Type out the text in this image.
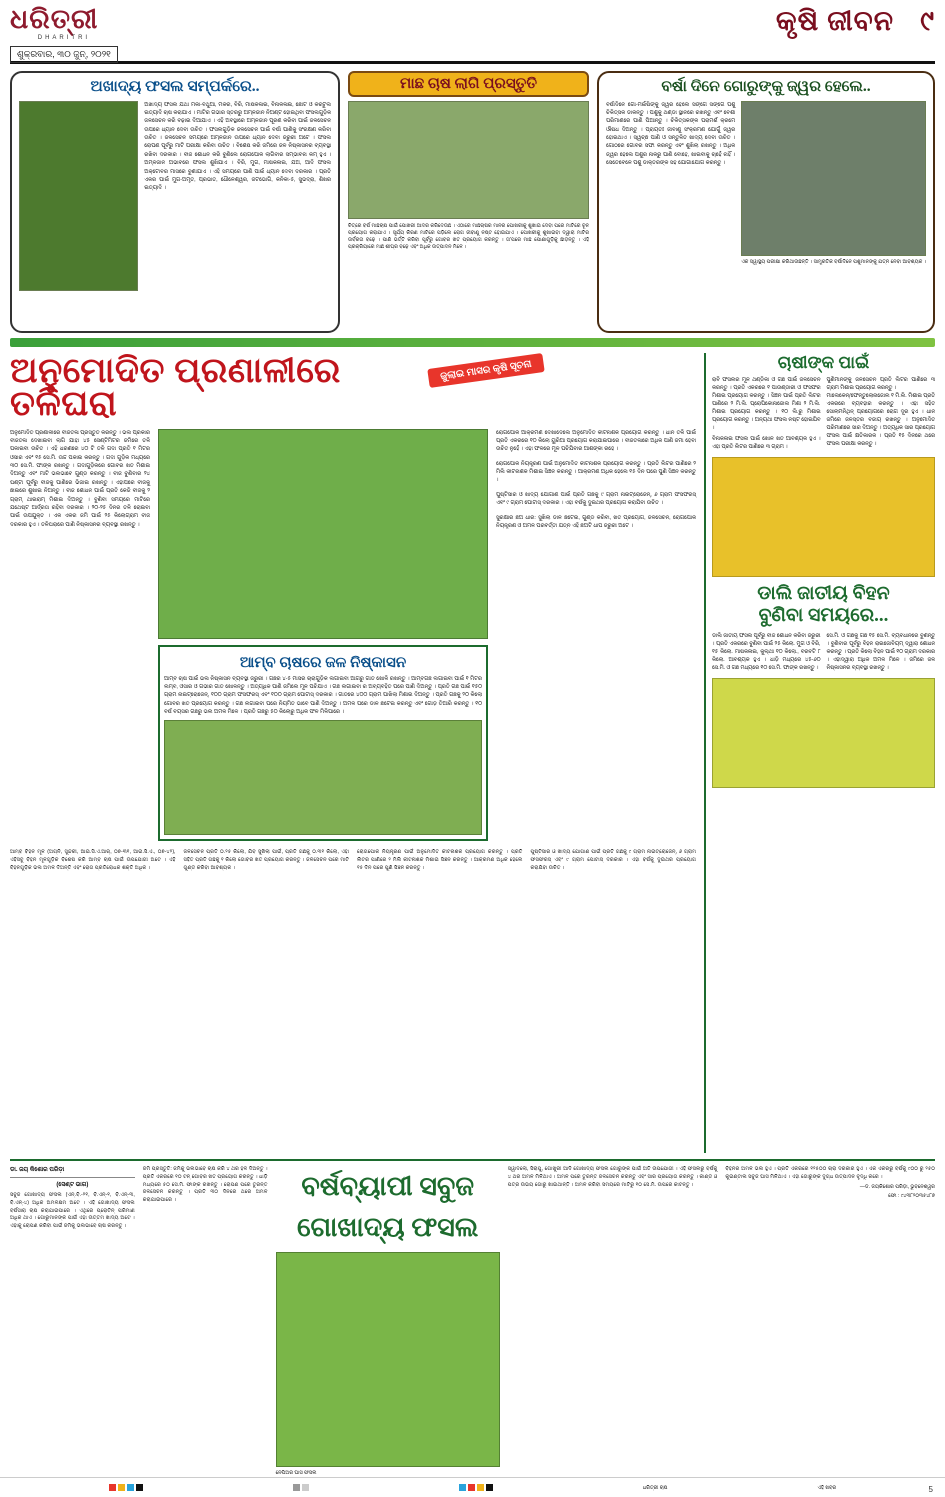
ଧରିତ୍ରୀ
DHARITRI
ଶୁକ୍ରବାର, ୩୦ ଜୁନ୍, ୨୦୨୧
କୃଷି ଜୀବନ ୯
ଅଖାଦ୍ୟ ଫସଲ ସମ୍ପର୍କରେ..
ଅଖାଦ୍ୟ ଫସଲ ଯଥା ମକା-ବଥୁଆ, ମକର, ବିରି, ମାଷକଳାଇ, ବିନାକଳାଇ, ଛୋଟ ଓ କରଟୁଲ ଇତ୍ୟାଦି ଚାଷ କରାଯାଏ । ମାଟିର ଗଭୀର ସ୍ତରରୁ ଅମ୍ଳଜାନ ନିଅଣ୍ଟ ହୋଇଥିବା ଫସଲଗୁଡ଼ିକ ଜଳସେଚନ କରି ବଢ଼ାଇ ଦିଆଯାଏ । ଏହି ଅବସ୍ଥାରେ ଅମ୍ଳଜାନ ପୂରଣ କରିବା ପାଇଁ ଜଳସେଚନ ଉପରେ ଧ୍ୟାନ ଦେବା ଉଚିତ । ଫସଲଗୁଡ଼ିକ ଜଳସେଚନ ପାଇଁ ବର୍ଷା ପାଣିକୁ ସଂରକ୍ଷଣ କରିବା ଉଚିତ । ଜଳସେଚନ ସମୟରେ ଅମ୍ଳଜାନ ଉପରେ ଧ୍ୟାନ ଦେବା ଜରୁରୀ ଅଟେ । ଫସଲ ରୋପଣ ପୂର୍ବରୁ ମାଟି ପରୀକ୍ଷା କରିବା ଉଚିତ । ବିଶେଷ କରି ଜମିରେ ଜଳ ନିଷ୍କାସନର ବ୍ୟବସ୍ଥା ରଖିବା ଦରକାର । ବୀଜ ଶୋଧନ କରି ବୁଣିଲେ ରୋଗପୋକ ଲାଗିବାର ସମ୍ଭାବନା କମ୍ ହୁଏ । ଅମ୍ଳଜାନ ଅଭାବରେ ଫସଲ ଶୁଖିଯାଏ । ବିରି, ମୁଗ, ମାଷକଳାଇ, ଯଅ, ଆଦି ଫସଲ ଅକ୍ଟୋବର ମାସରେ ବୁଣାଯାଏ । ଏହି ସମୟରେ ପାଣି ପାଇଁ ଧ୍ୟାନ ଦେବା ଦରକାର । ପ୍ରତି ଏକର ପାଇଁ ମୁଗ-ଅମୃତ, ପ୍ରଭାତ, ଧୌଳେଶ୍ୱର, ଜଟଭୋଗି, କନିକା-୫, ସୁଭଦ୍ରା, ଶିଖର ଇତ୍ୟାଦି ।
ମାଛ ଚାଷ ଲାଗି ପ୍ରସ୍ତୁତି
ଚିତ୍ରେ ବର୍ଷ ମାଛଚାଷ ପାଇଁ ପୋଖରୀ ଆଦର କରିଦେଉଛ । ଏଠାରେ ମାଛଚାଷର ମାନର ପୋଖରୀକୁ ଶୁଖାଇ ଦେବା ପରେ ମାଟିରେ ଚୂନ ପ୍ରୟୋଗ କରାଯାଏ । ସୂର୍ଯ୍ୟ କିରଣ ମାଟିରେ ପଡ଼ିଲେ ରୋଗ ଜୀବାଣୁ ନଷ୍ଟ ହୋଇଯାଏ । ପୋଖରୀକୁ ଶୁଖାଇବା ଦ୍ୱାରା ମାଟିର ଉର୍ବରତା ବଢ଼େ । ପାଣି ଭର୍ତ୍ତି କରିବା ପୂର୍ବରୁ ଗୋବର ଖତ ପ୍ରୟୋଗ କରନ୍ତୁ । ତା'ପରେ ମାଛ ପୋଣାଗୁଡ଼ିକୁ ଛାଡ଼ନ୍ତୁ । ଏହି ପ୍ରକ୍ରିୟାରେ ମାଛ ଶୀଘ୍ର ବଢ଼େ ଏବଂ ଅଧିକ ଉତ୍ପାଦନ ମିଳେ ।
ବର୍ଷା ଦିନେ ଗୋରୁଙ୍କୁ ଜ୍ୱର ହେଲେ..
ବର୍ଷାଦିନେ ଗୋ-ମଇଁଷିଙ୍କୁ ଜ୍ୱର ହେଲେ ସଙ୍ଗେ ସଙ୍ଗେ ପଶୁ ଚିକିତ୍ସକ ଡାକନ୍ତୁ । ପଶୁକୁ ଥଣ୍ଡା ସ୍ଥାନରେ ରଖନ୍ତୁ ଏବଂ ବେଶୀ ପରିମାଣରେ ପାଣି ପିଆନ୍ତୁ । ଚିକିତ୍ସକଙ୍କ ପରାମର୍ଶ କ୍ରମେ ଔଷଧ ଦିଅନ୍ତୁ । ପ୍ରାୟତଃ ଜୀବାଣୁ ସଂକ୍ରମଣ ଯୋଗୁଁ ଜ୍ୱର ହୋଇଥାଏ । ସ୍ୱଚ୍ଛ ପାଣି ଓ ସନ୍ତୁଳିତ ଖାଦ୍ୟ ଦେବା ଉଚିତ । ଗୋଠରେ ଗୋବର ସଫା କରନ୍ତୁ ଏବଂ ଶୁଖିଲା ରଖନ୍ତୁ । ଅଧିକ ଜ୍ୱର ହେଲେ ପଶୁର ନାକରୁ ପାଣି ବୋହେ, ଖାଇବାକୁ ଚାହେଁ ନାହିଁ । ସେତେବେଳେ ପଶୁ ଡାକ୍ତରଙ୍କ ସହ ଯୋଗାଯୋଗ କରନ୍ତୁ ।
ଏକ ସ୍ୱାସ୍ଥ୍ୟ ପରୀକ୍ଷା କରିଥାଉଛନ୍ତି । ସାମ୍ପ୍ରତିକ ବର୍ଷାଦିନେ ପଶୁମାନଙ୍କୁ ଯତ୍ନ ନେବା ଆବଶ୍ୟକ ।
ଜୁଲାଇ ମାସର କୃଷି ସୂଚନା
ଅନୁମୋଦିତ ପ୍ରଣାଳୀରେ
ତଳିଘରା
ଅନୁମୋଦିତ ପ୍ରଣାଳୀରେ ବୀଜତଳା ପ୍ରସ୍ତୁତ କରନ୍ତୁ । ଭଲ ପ୍ରକାର ବୀଜତଳା ଦେଖାଇବା ଲାଗି ଯାହା ୪୫ ସେଣ୍ଟିମିଟର ଜମିରେ ତଳି ପକାଇବା ଉଚିତ । ଏହି ଧରଣରେ ୪୦ ଟି ତଳି ଗଦା ପ୍ରତି ୧ ମିଟର ଓସାର ଏବଂ ୧୫ ସେ.ମି. ଉଚ୍ଚ ପକାଇ କରନ୍ତୁ । ଗଦା ଗୁଡ଼ିକ ମଧ୍ୟରେ ୩୦ ସେ.ମି. ଫାଙ୍କ ରଖନ୍ତୁ । ଗଦାଗୁଡ଼ିକରେ ଗୋବର ଖତ ମିଶାଇ ଦିଅନ୍ତୁ ଏବଂ ମାଟି ଭଲଭାବେ ଗୁଣ୍ଡ କରନ୍ତୁ । ବୀଜ ବୁଣିବାର ୨୪ ଘଣ୍ଟା ପୂର୍ବରୁ ବୀଜକୁ ପାଣିରେ ଭିଜାଇ ରଖନ୍ତୁ । ଏହାପରେ ବୀଜକୁ ଛାଇରେ ଶୁଖାଇ ନିଅନ୍ତୁ । ବୀଜ ଶୋଧନ ପାଇଁ ପ୍ରତି କେଜି ବୀଜକୁ ୨ ଗ୍ରାମ୍ ଥାଇରାମ୍ ମିଶାଇ ଦିଅନ୍ତୁ । ବୁଣିବା ସମୟରେ ମାଟିରେ ଯଥେଷ୍ଟ ଆର୍ଦ୍ରତା ରହିବା ଦରକାର । ୨୦-୨୫ ଦିନର ତଳି ରୋଇବା ପାଇଁ ଉପଯୁକ୍ତ । ଏକ ଏକର ଜମି ପାଇଁ ୨୫ କିଲୋଗ୍ରାମ ବୀଜ ଦରକାର ହୁଏ । ତଳିଘରାରେ ପାଣି ନିଷ୍କାସନର ବ୍ୟବସ୍ଥା ରଖନ୍ତୁ ।
ଆମ୍ବ ଚାଷରେ ଜଳ ନିଷ୍କାସନ
ଆମ୍ବ ଚାଷ ପାଇଁ ଭଲ ନିଷ୍କାସନ ବ୍ୟବସ୍ଥା ଜରୁରୀ । ଗଛର ୪-୫ ମାସର ଚାରାଗୁଡ଼ିକ ଲଗାଇବା ଆଗରୁ ଗାତ ଖୋଳି ରଖନ୍ତୁ । ଆମ୍ବଗଛ ଲଗାଇବା ପାଇଁ ୧ ମିଟର ଲମ୍ବ, ଓସାର ଓ ଗଭୀର ଗାତ ଖୋଳନ୍ତୁ । ଅତ୍ୟଧିକ ପାଣି ଜମିଲେ ମୂଳ ପଚିଯାଏ । ଗଛ ଲଗାଇବା ର ଅବ୍ୟବହିତ ପରେ ପାଣି ଦିଅନ୍ତୁ । ପ୍ରତି ଗଛ ପାଇଁ ୧୫୦ ଗ୍ରାମ ନାଇଟ୍ରୋଜେନ୍, ୧୦୦ ଗ୍ରାମ ଫସଫରସ୍ ଏବଂ ୧୦୦ ଗ୍ରାମ ପୋଟାସ୍ ଦରକାର । ଗାତରେ ୪୦୦ ଗ୍ରାମ ପାଖିଲା ମିଶାଇ ଦିଅନ୍ତୁ । ପ୍ରତି ଗଛକୁ ୨୦ କିଲୋ ଗୋବର ଖତ ପ୍ରୟୋଗ କରନ୍ତୁ । ଗଛ ଲଗାଇବା ପରେ ନିୟମିତ ଭାବେ ପାଣି ଦିଅନ୍ତୁ । ଅମଳ ପରେ ଡାଳ ଛଟେଇ କରନ୍ତୁ ଏବଂ ଗୋଡ଼ ତିଆରି କରନ୍ତୁ । ୧୦ ବର୍ଷ ବୟସର ଗଛରୁ ଭଲ ଅମଳ ମିଳେ । ପ୍ରତି ଗଛରୁ ୫୦ କିଲୋରୁ ଅଧିକ ଫଳ ମିଳିପାରେ ।
ରୋଗପୋକ ଆକ୍ରମଣ ଦେଖାଦେଲେ ଅନୁମୋଦିତ କୀଟନାଶକ ପ୍ରୟୋଗ କରନ୍ତୁ । ଧାନ ତଳି ପାଇଁ ପ୍ରତି ଏକରରେ ୧୦ କିଲୋ ୟୁରିଆ ପ୍ରୟୋଗ କରାଯାଇପାରେ । ବୀଜତଳାରେ ଅଧିକ ପାଣି ଜମା ହେବା ଉଚିତ ନୁହେଁ । ଏହା ଫଳରେ ମୂଳ ପଚିଯିବାର ଆଶଙ୍କା ରହେ ।
ରୋଗପୋକ ନିୟନ୍ତ୍ରଣ ପାଇଁ ଅନୁମୋଦିତ କୀଟନାଶକ ପ୍ରୟୋଗ କରନ୍ତୁ । ପ୍ରତି ଲିଟର ପାଣିରେ ୨ ମିଲି କୀଟନାଶକ ମିଶାଇ ସିଞ୍ଚନ କରନ୍ତୁ । ଆକ୍ରମଣ ଅଧିକ ହେଲେ ୧୫ ଦିନ ପରେ ପୁଣି ସିଞ୍ଚନ କରନ୍ତୁ ।
ପୁଷ୍ଟିସାର ଓ ଖାଦ୍ୟ ଯୋଗାଣ ପାଇଁ ପ୍ରତି ଗଛକୁ ୯ ଗ୍ରାମ ନାଇଟ୍ରୋଜେନ୍, ୬ ଗ୍ରାମ ଫସଫରସ୍ ଏବଂ ୯ ଗ୍ରାମ ପୋଟାସ୍ ଦରକାର । ଏହା ବର୍ଷକୁ ଦୁଇଥର ପ୍ରୟୋଗ କରାଯିବା ଉଚିତ ।
ସୁରକ୍ଷାର ଛଅ ଧାର: ସୁଖିଲା ଡାଳ ଛଟେଇ, ଗୁଣ୍ଡ କରିବା, ଖତ ପ୍ରୟୋଗ, ଜଳସେଚନ, ରୋଗପୋକ ନିୟନ୍ତ୍ରଣ ଓ ଅମଳ ପରବର୍ତ୍ତୀ ଯତ୍ନ ଏହି ଛଅଟି ଧାପ ଜରୁରୀ ଅଟେ ।
ଆମ୍ବ ବିହନ ମୂଳ (ଅଗ୍ନି, ସୁନ୍ଦରୀ, ଆଇ.ସି.ଏ.ଆର୍, ୦୭-୩୧, ଆଇ.ସି.ଏ., ୦୭-୪୨), ଏହିସବୁ ବିହନ ମୂଳଗୁଡ଼ିକ ବିଶେଷ କରି ଆମ୍ବ ଚାଷ ପାଇଁ ଉପଯୋଗୀ ଅଟେ । ଏହି ବିହନଗୁଡ଼ିକ ଭଲ ଅମଳ ଦିଅନ୍ତି ଏବଂ ରୋଗ ପ୍ରତିରୋଧକ ଶକ୍ତି ଅଧିକ ।
ଜଳସେଚନ ପ୍ରତି ୦.୨୫ କିଲୋ, ଯିବ ସୁଖିଲା ପାଇଁ, ପ୍ରତି ଗଛକୁ ୦.୩୧ କିଲୋ, ଏହା ସହିତ ପ୍ରତି ଗଛକୁ ୧ କିଲୋ ଗୋବର ଖତ ପ୍ରୟୋଗ କରନ୍ତୁ । ଜଳସେଚନ ପରେ ମାଟି ଗୁଣ୍ଡ କରିବା ଆବଶ୍ୟକ ।
ରୋଗପୋକ ନିୟନ୍ତ୍ରଣ ପାଇଁ ଅନୁମୋଦିତ କୀଟନାଶକ ପ୍ରୟୋଗ କରନ୍ତୁ । ପ୍ରତି ଲିଟର ପାଣିରେ ୨ ମିଲି କୀଟନାଶକ ମିଶାଇ ସିଞ୍ଚନ କରନ୍ତୁ । ଆକ୍ରମଣ ଅଧିକ ହେଲେ ୧୫ ଦିନ ପରେ ପୁଣି ସିଞ୍ଚନ କରନ୍ତୁ ।
ପୁଷ୍ଟିସାର ଓ ଖାଦ୍ୟ ଯୋଗାଣ ପାଇଁ ପ୍ରତି ଗଛକୁ ୯ ଗ୍ରାମ ନାଇଟ୍ରୋଜେନ୍, ୬ ଗ୍ରାମ ଫସଫରସ୍ ଏବଂ ୯ ଗ୍ରାମ ପୋଟାସ୍ ଦରକାର । ଏହା ବର୍ଷକୁ ଦୁଇଥର ପ୍ରୟୋଗ କରାଯିବା ଉଚିତ ।
ଚାଷୀଙ୍କ ପାଇଁ
ରାବି ଫସଲର ମୂଳ ଥଣ୍ଡିକା ଓ ଗଛ ପାଇଁ ଜଳସେଚନ କରନ୍ତୁ । ପ୍ରତି ଏକରରେ ୧ ପାଉଣ୍ଡାରୀ ଓ ଫସଫର ମିଶାଇ ପ୍ରୟୋଗ କରନ୍ତୁ । ସିଞ୍ଚନ ପାଇଁ ପ୍ରତି ଲିଟର ପାଣିରେ ୨ ମି.ଲି. ପ୍ରୋପିକୋନାଜୋଲ ମିଶା ୨ ମି.ଲି. ମିଶାଇ ପ୍ରୟୋଗ କରନ୍ତୁ । ୧୦ ଲି.ରୁ ମିଶାଇ ପ୍ରୟୋଗ କରନ୍ତୁ । ଅନ୍ୟଥା ଫସଲ ନଷ୍ଟ ହୋଇଯିବ ।
ବିନାକଳାଇ ଫସଲ ପାଇଁ ଖୋଳ ଖତ ଆବଶ୍ୟକ ହୁଏ । ଏହା ପ୍ରତି ଲିଟର ପାଣିରେ ୩ ଗ୍ରାମ ।
ପୁଣିମାନଙ୍କୁ ଜଳସେଚନ ପ୍ରତି ଲିଟର ପାଣିରେ ୩ ଗ୍ରାମ ମିଶାଇ ପ୍ରୟୋଗ କରନ୍ତୁ ।
ମାଲେକେନ୍/ଫେନ୍ତୁଲୋନାଜୋଲ ୧ ମି.ଲି. ମିଶାଇ ପ୍ରତି ଏକରରେ ବ୍ୟବହାର କରନ୍ତୁ । ଏହା ସହିତ ସୋଲାମନିଥିନ୍ ପ୍ରୟୋଗରେ ରୋଗ ଦୂର ହୁଏ । ଧାନ ଜମିରେ ଜଳସ୍ତର ବଜାୟ ରଖନ୍ତୁ । ଅନୁମୋଦିତ ପରିମାଣରେ ସାର ଦିଅନ୍ତୁ । ଅତ୍ୟଧିକ ସାର ପ୍ରୟୋଗ ଫସଲ ପାଇଁ କ୍ଷତିକାରକ । ପ୍ରତି ୧୫ ଦିନରେ ଥରେ ଫସଲ ପରୀକ୍ଷା କରନ୍ତୁ ।
ଡାଲି ଜାତୀୟ ବିହନ
ବୁଣିବା ସମୟରେ...
ଡାଲି ଜାତୀୟ ଫସଲ ପୂର୍ବରୁ ବୀଜ ଶୋଧନ କରିବା ଜରୁରୀ । ପ୍ରତି ଏକରରେ ବୁଣିବା ପାଇଁ ୨୫ କିଲୋ. ମୁଗ ଓ ବିରି, ୧୫ କିଲୋ. ମାଷକଳାଇ, କୁଲ୍ଥୀ ୧୦ କିଲୋ., ବରବଟି ୮ କିଲୋ. ଆବଶ୍ୟକ ହୁଏ । ଧାଡ଼ି ମଧ୍ୟରେ ୪୫-୬୦ ସେ.ମି. ଓ ଗଛ ମଧ୍ୟରେ ୧୦ ସେ.ମି. ଫାଙ୍କ ରଖନ୍ତୁ ।
ସେ.ମି. ଓ ଗଛକୁ ଗଛ ୧୫ ସେ.ମି. ବ୍ୟବଧାନରେ ବୁଣନ୍ତୁ । ବୁଣିବାର ପୂର୍ବରୁ ବିହନ ରାଇଜୋବିୟମ୍ ଦ୍ୱାରା ଶୋଧନ କରନ୍ତୁ । ପ୍ରତି କିଲୋ ବିହନ ପାଇଁ ୧୦ ଗ୍ରାମ ଦରକାର । ଏହାଦ୍ୱାରା ଅଧିକ ଅମଳ ମିଳେ । ଜମିରେ ଜଳ ନିଷ୍କାସନର ବ୍ୟବସ୍ଥା ରଖନ୍ତୁ ।
ଡା. ଜୟ କିଶୋର ପରିଡ଼ା
(ସେଣ୍ଟ ଭାଗ)
ସବୁଜ ଗୋଖାଦ୍ୟ ଫସଲ (ଏନ୍.ବି.-୨୧, ବି.ଏନ୍-୧, ବି.ଏନ୍-୩, ବି.ଏନ୍-୪) ଅଧିକ ଅମଳକ୍ଷମ ଅଟେ । ଏହି ଗୋଖାଦ୍ୟ ଫସଲ ବର୍ଷସାରା ଚାଷ କରାଯାଇପାରେ । ଏଥିରେ ପ୍ରୋଟିନ୍ ପରିମାଣ ଅଧିକ ଥାଏ । ଗୋରୁମାନଙ୍କ ପାଇଁ ଏହା ଉତ୍ତମ ଖାଦ୍ୟ ଅଟେ । ଏହାକୁ ରୋପଣ କରିବା ପାଇଁ ଜମିକୁ ଭଲଭାବେ ଚାଷ କରନ୍ତୁ ।
ଜମି ପ୍ରସ୍ତୁତି: ଜମିକୁ ଭଲଭାବେ ଚାଷ କରି ୪ ଥର ହଳ ଦିଅନ୍ତୁ । ପ୍ରତି ଏକରରେ ୧୦ ଟନ୍ ଗୋବର ଖତ ପ୍ରୟୋଗ କରନ୍ତୁ । ଧାଡ଼ି ମଧ୍ୟରେ ୫୦ ସେ.ମି. ଫାଙ୍କ ରଖନ୍ତୁ । ରୋପଣ ପରେ ତୁରନ୍ତ ଜଳସେଚନ କରନ୍ତୁ । ପ୍ରତି ୩୦ ଦିନରେ ଥରେ ଅମଳ କରାଯାଇପାରେ ।	ବର୍ଷବ୍ୟାପୀ ସବୁଜ ଗୋଖାଦ୍ୟ ଫସଲ
ନେପିଅର ଘାସ ଫସଲ
ସ୍ୱାଦଲୋ, ସିରାପୁ, ଗୋଖୁରୀ ଆଦି ଗୋଖାଦ୍ୟ ଫସଲ ଗୋରୁଙ୍କ ପାଇଁ ଅତି ଉପଯୋଗୀ । ଏହି ଫସଲରୁ ବର୍ଷକୁ ୪ ଥର ଅମଳ ମିଳିଥାଏ । ଅମଳ ପରେ ତୁରନ୍ତ ଜଳସେଚନ କରନ୍ତୁ ଏବଂ ସାର ପ୍ରୟୋଗ କରନ୍ତୁ । କାଣ୍ଡ ଓ ପତ୍ର ଉଭୟ ଗୋରୁ ଖାଇଥାନ୍ତି । ଅମଳ କରିବା ସମୟରେ ମାଟିରୁ ୧୦ ସେ.ମି. ଉପରେ କାଟନ୍ତୁ ।
ବିହନର ଅମଳ ଭଲ ହୁଏ । ପ୍ରତି ଏକରରେ ୧୨୫୦୦ ଚାରା ଦରକାର ହୁଏ । ଏକ ଏକରରୁ ବର୍ଷକୁ ୯୦୦ ରୁ ୨୫୦ କୁଇଣ୍ଟାଲ ସବୁଜ ଘାସ ମିଳିଥାଏ । ଏହା ଗୋରୁଙ୍କ ଦୁଗ୍ଧ ଉତ୍ପାଦନ ବୃଦ୍ଧି କରେ ।
—ଡ. ଜୟକିଶୋର ପରିଡ଼ା, ଭୁବନେଶ୍ୱର
ଫୋ : ୯୪୩୮୨୦୩୫୪୮୭
ଧରିତ୍ରୀ ଚାଷ	ଏହି ଖବର	5
